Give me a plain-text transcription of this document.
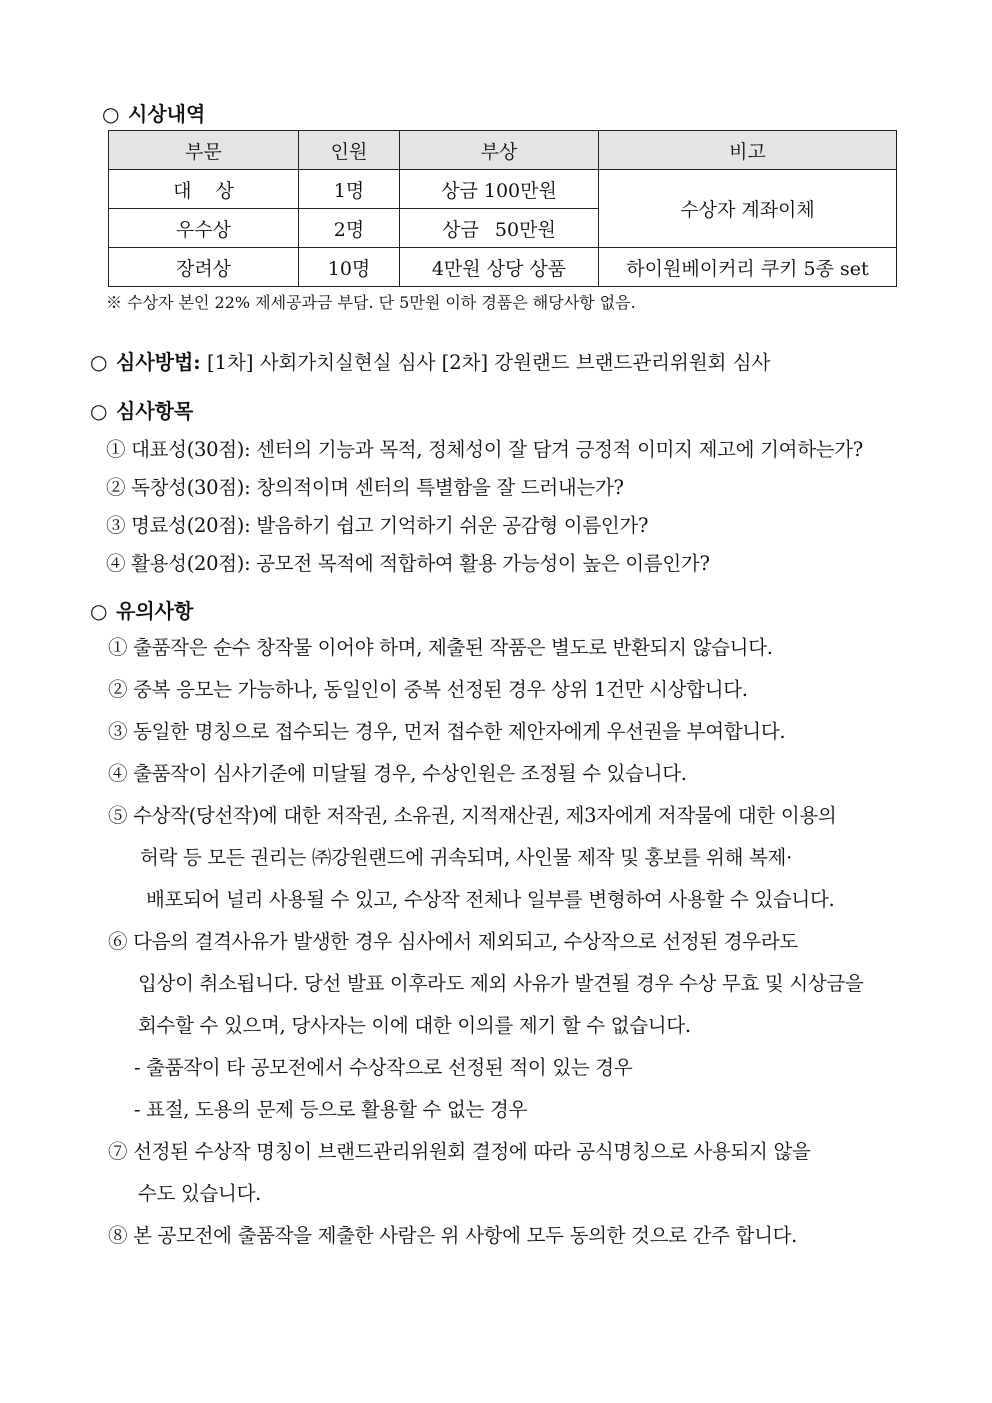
○ 시상내역
부문	인원	부상	비고
대 상	1명	상금 100만원	수상자 계좌이체
우수상	2명	상금 50만원	
장려상	10명	4만원 상당 상품	하이원베이커리 쿠키 5종 set
※ 수상자 본인 22% 제세공과금 부담. 단 5만원 이하 경품은 해당사항 없음.
○ 심사방법: [1차] 사회가치실현실 심사 [2차] 강원랜드 브랜드관리위원회 심사
○ 심사항목
① 대표성(30점): 센터의 기능과 목적, 정체성이 잘 담겨 긍정적 이미지 제고에 기여하는가?
② 독창성(30점): 창의적이며 센터의 특별함을 잘 드러내는가?
③ 명료성(20점): 발음하기 쉽고 기억하기 쉬운 공감형 이름인가?
④ 활용성(20점): 공모전 목적에 적합하여 활용 가능성이 높은 이름인가?
○ 유의사항
① 출품작은 순수 창작물 이어야 하며, 제출된 작품은 별도로 반환되지 않습니다.
② 중복 응모는 가능하나, 동일인이 중복 선정된 경우 상위 1건만 시상합니다.
③ 동일한 명칭으로 접수되는 경우, 먼저 접수한 제안자에게 우선권을 부여합니다.
④ 출품작이 심사기준에 미달될 경우, 수상인원은 조정될 수 있습니다.
⑤ 수상작(당선작)에 대한 저작권, 소유권, 지적재산권, 제3자에게 저작물에 대한 이용의
허락 등 모든 권리는 ㈜강원랜드에 귀속되며, 사인물 제작 및 홍보를 위해 복제·
배포되어 널리 사용될 수 있고, 수상작 전체나 일부를 변형하여 사용할 수 있습니다.
⑥ 다음의 결격사유가 발생한 경우 심사에서 제외되고, 수상작으로 선정된 경우라도
입상이 취소됩니다. 당선 발표 이후라도 제외 사유가 발견될 경우 수상 무효 및 시상금을
회수할 수 있으며, 당사자는 이에 대한 이의를 제기 할 수 없습니다.
- 출품작이 타 공모전에서 수상작으로 선정된 적이 있는 경우
- 표절, 도용의 문제 등으로 활용할 수 없는 경우
⑦ 선정된 수상작 명칭이 브랜드관리위원회 결정에 따라 공식명칭으로 사용되지 않을
수도 있습니다.
⑧ 본 공모전에 출품작을 제출한 사람은 위 사항에 모두 동의한 것으로 간주 합니다.
